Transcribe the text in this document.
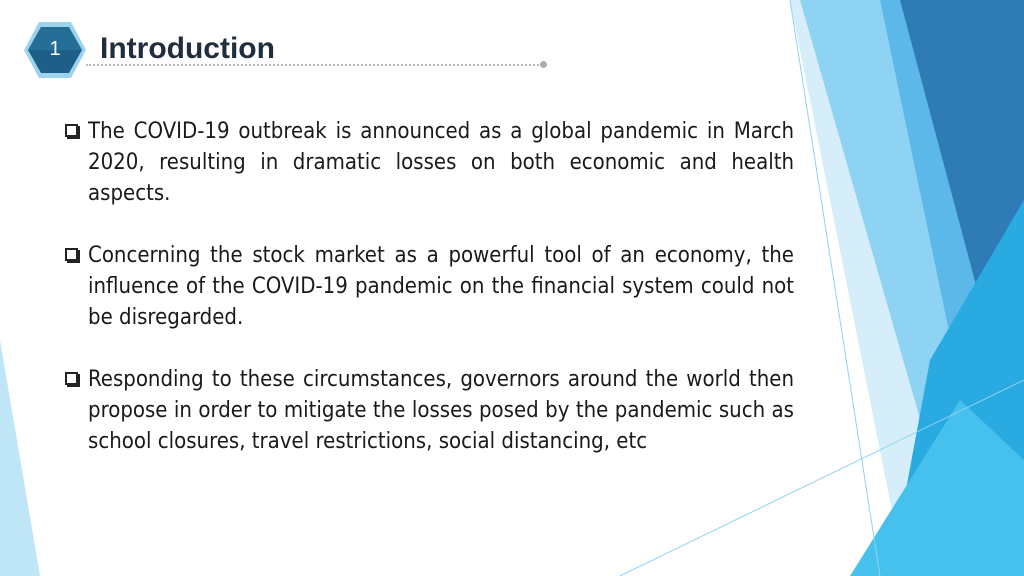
1	Introduction
The COVID-19 outbreak is announced as a global pandemic in March 2020, resulting in dramatic losses on both economic and health aspects.
Concerning the stock market as a powerful tool of an economy, the influence of the COVID-19 pandemic on the financial system could not be disregarded.
Responding to these circumstances, governors around the world then propose in order to mitigate the losses posed by the pandemic such as school closures, travel restrictions, social distancing, etc
